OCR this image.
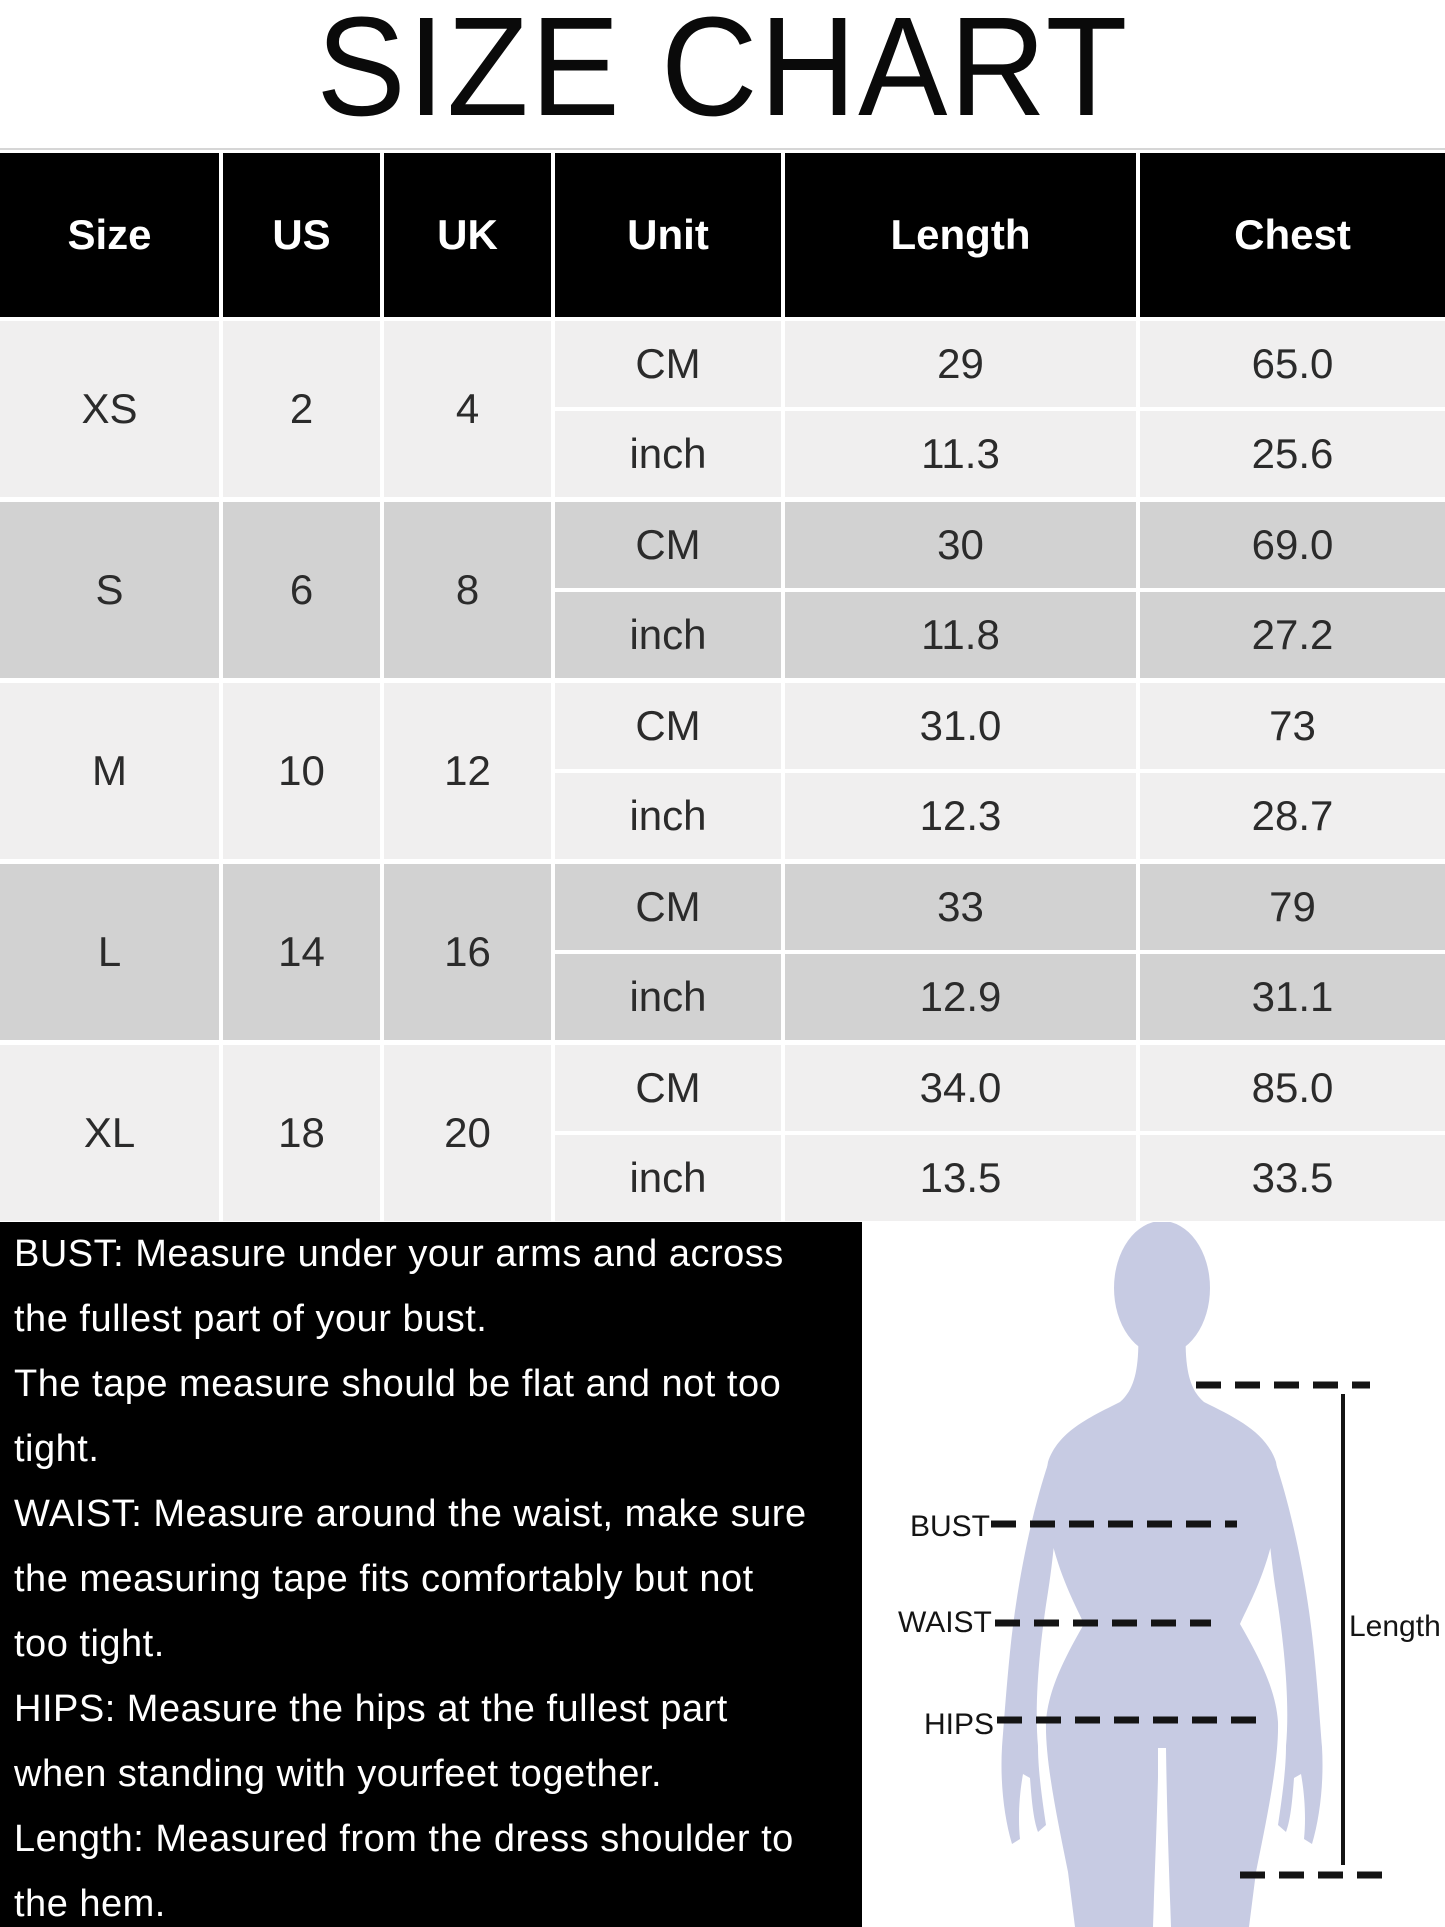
SIZE CHART
Size	US	UK	Unit	Length	Chest
XS	2	4
CM	29	65.0
inch	11.3	25.6
S	6	8
CM	30	69.0
inch	11.8	27.2
M	10	12
CM	31.0	73
inch	12.3	28.7
L	14	16
CM	33	79
inch	12.9	31.1
XL	18	20
CM	34.0	85.0
inch	13.5	33.5
BUST: Measure under your arms and across
the fullest part of your bust.
The tape measure should be flat and not too
tight.
WAIST: Measure around the waist, make sure
the measuring tape fits comfortably but not
too tight.
HIPS: Measure the hips at the fullest part
when standing with yourfeet together.
Length: Measured from the dress shoulder to
the hem.
BUST
WAIST
HIPS
Length
